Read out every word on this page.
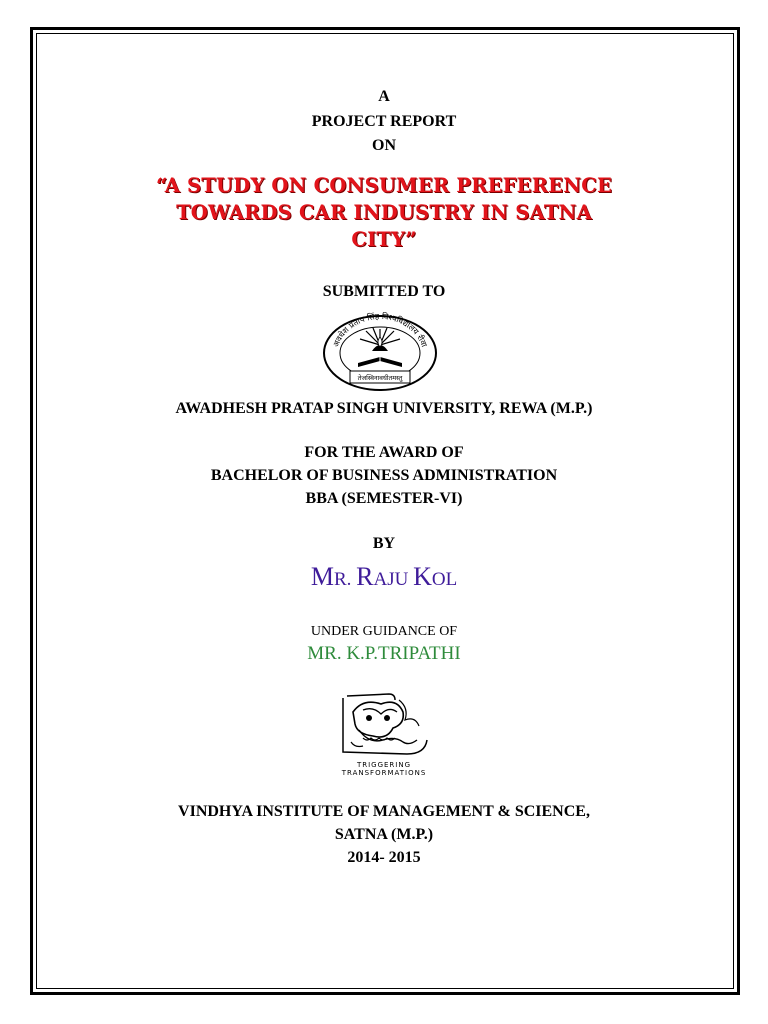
A
PROJECT REPORT
ON
“A STUDY ON CONSUMER PREFERENCE
TOWARDS CAR INDUSTRY IN SATNA
CITY”
SUBMITTED TO
अवधेश प्रताप सिंह विश्वविद्यालय रीवा
तेजस्विनावधीतमस्तु
AWADHESH PRATAP SINGH UNIVERSITY, REWA (M.P.)
FOR THE AWARD OF
BACHELOR OF BUSINESS ADMINISTRATION
BBA (SEMESTER-VI)
BY
MR. RAJU KOL
UNDER GUIDANCE OF
MR. K.P.TRIPATHI
TRIGGERING
TRANSFORMATIONS
VINDHYA INSTITUTE OF MANAGEMENT & SCIENCE,
SATNA (M.P.)
2014- 2015
